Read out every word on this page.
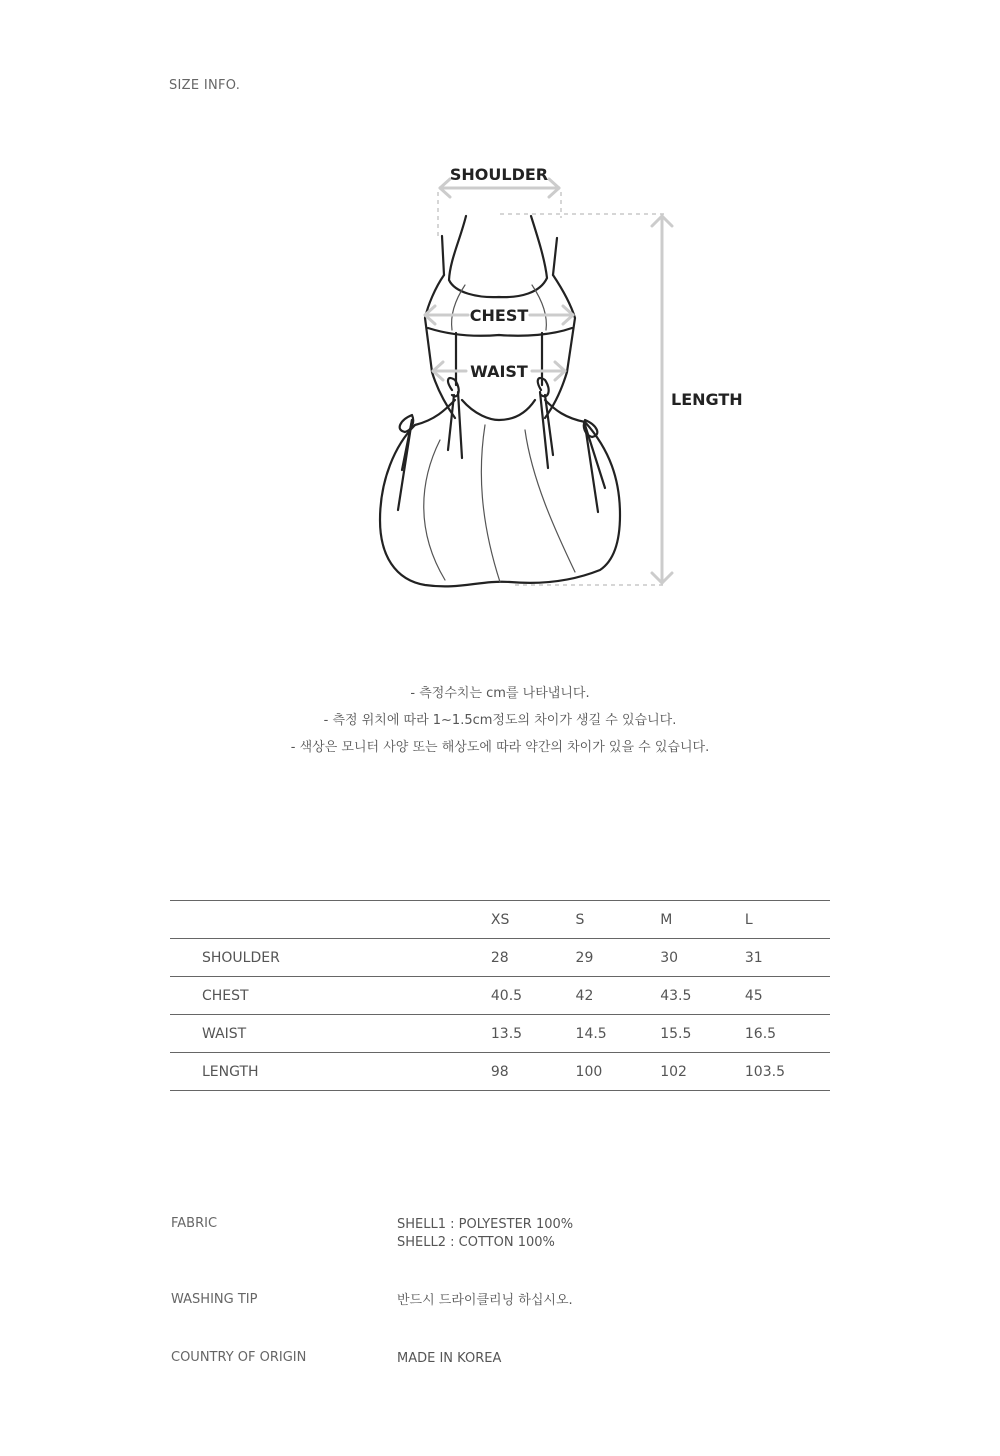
SIZE INFO.
SHOULDER
CHEST
WAIST
LENGTH
- 측정수치는 cm를 나타냅니다.
- 측정 위치에 따라 1~1.5cm정도의 차이가 생길 수 있습니다.
- 색상은 모니터 사양 또는 해상도에 따라 약간의 차이가 있을 수 있습니다.
	XS	S	M	L
SHOULDER	28	29	30	31
CHEST	40.5	42	43.5	45
WAIST	13.5	14.5	15.5	16.5
LENGTH	98	100	102	103.5
FABRIC	SHELL1 : POLYESTER 100%
SHELL2 : COTTON 100%
WASHING TIP	반드시 드라이클리닝 하십시오.
COUNTRY OF ORIGIN	MADE IN KOREA
